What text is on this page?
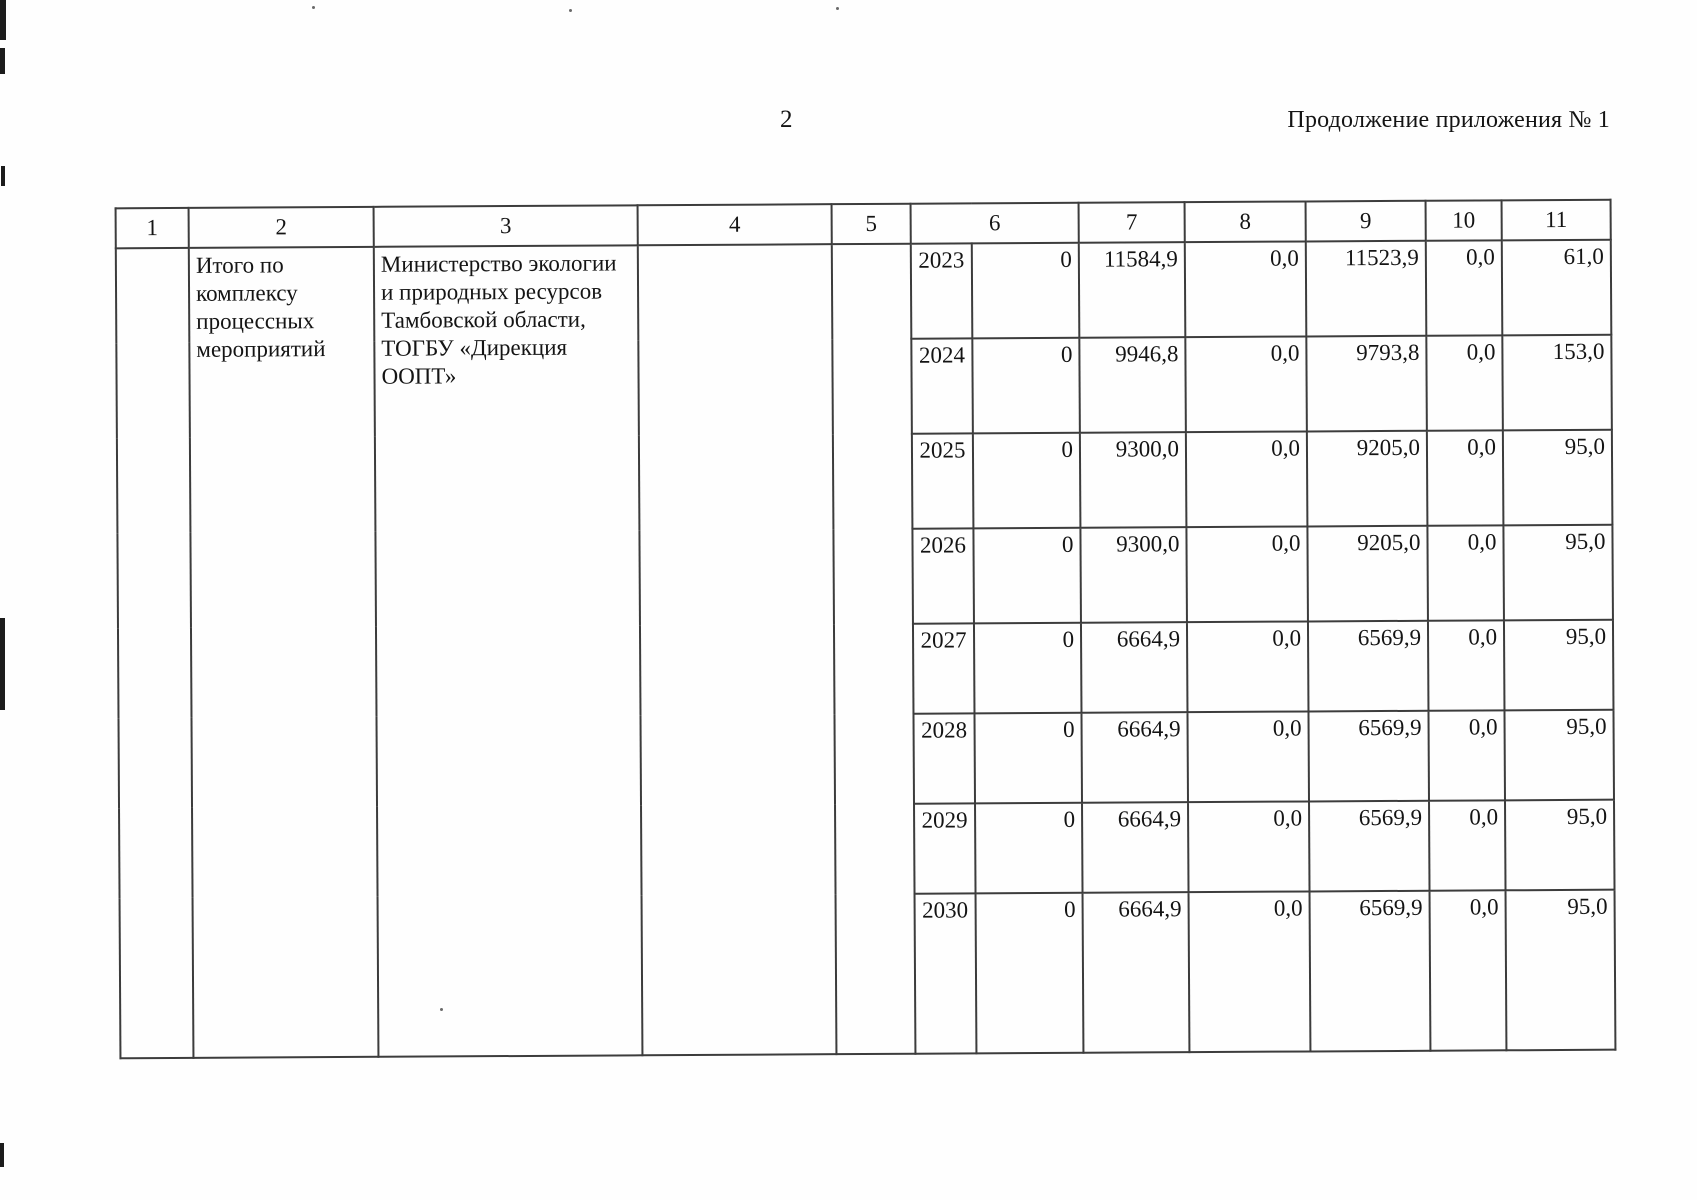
2	Продолжение приложения № 1
1	2	3	4	5	6		7	8	9	10	11
	Итого по комплексу процессных мероприятий	Министерство экологии и природных ресурсов Тамбовской области, ТОГБУ «Дирекция ООПТ»			2023	0	11584,9	0,0	11523,9	0,0	61,0
					2024	0	9946,8	0,0	9793,8	0,0	153,0
					2025	0	9300,0	0,0	9205,0	0,0	95,0
					2026	0	9300,0	0,0	9205,0	0,0	95,0
					2027	0	6664,9	0,0	6569,9	0,0	95,0
					2028	0	6664,9	0,0	6569,9	0,0	95,0
					2029	0	6664,9	0,0	6569,9	0,0	95,0
					2030	0	6664,9	0,0	6569,9	0,0	95,0
